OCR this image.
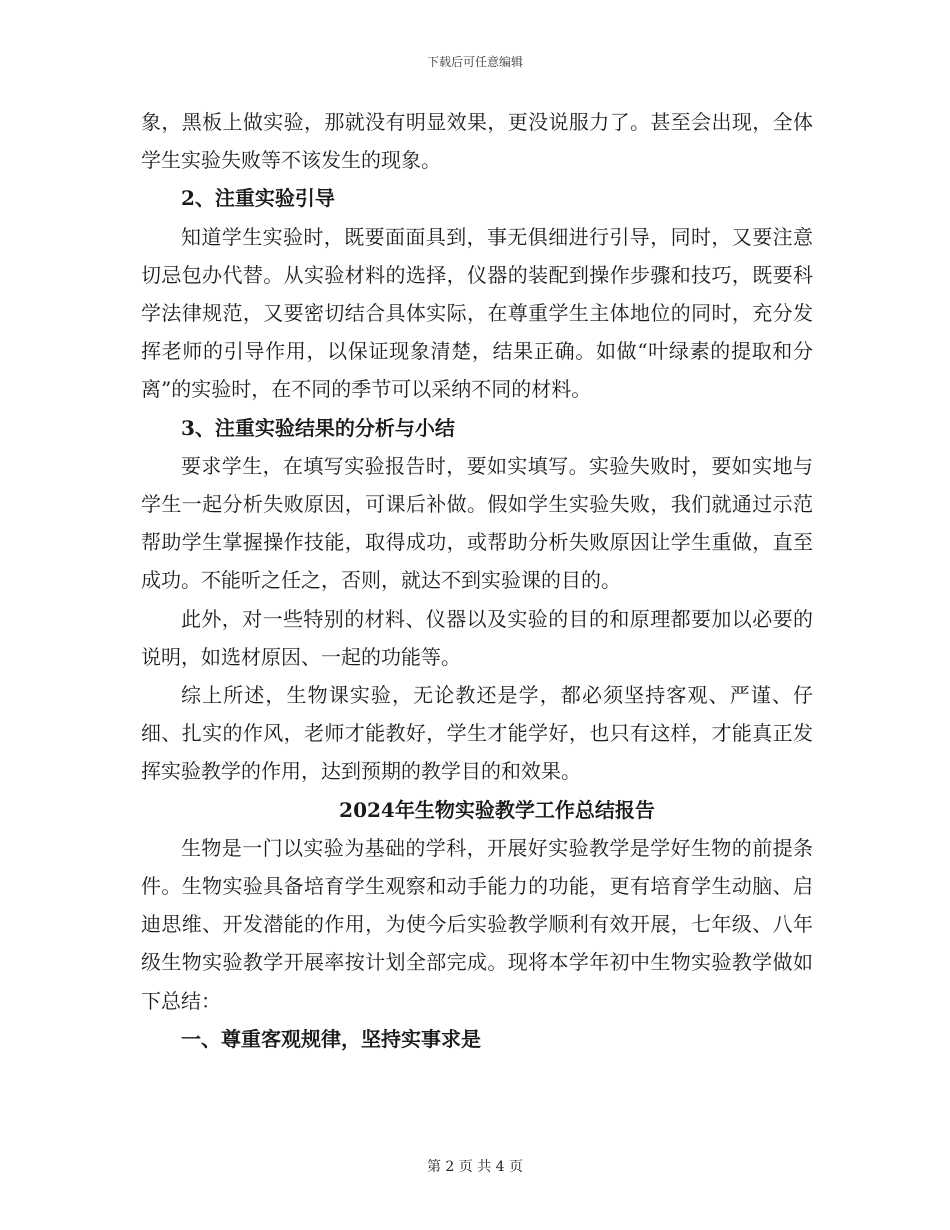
下载后可任意编辑

象，黑板上做实验，那就没有明显效果，更没说服力了。甚至会出现，全体学生实验失败等不该发生的现象。

2、注重实验引导

知道学生实验时，既要面面具到，事无俱细进行引导，同时，又要注意切忌包办代替。从实验材料的选择，仪器的装配到操作步骤和技巧，既要科学法律规范，又要密切结合具体实际，在尊重学生主体地位的同时，充分发挥老师的引导作用，以保证现象清楚，结果正确。如做“叶绿素的提取和分离”的实验时，在不同的季节可以采纳不同的材料。

3、注重实验结果的分析与小结

要求学生，在填写实验报告时，要如实填写。实验失败时，要如实地与学生一起分析失败原因，可课后补做。假如学生实验失败，我们就通过示范帮助学生掌握操作技能，取得成功，或帮助分析失败原因让学生重做，直至成功。不能听之任之，否则，就达不到实验课的目的。

此外，对一些特别的材料、仪器以及实验的目的和原理都要加以必要的说明，如选材原因、一起的功能等。

综上所述，生物课实验，无论教还是学，都必须坚持客观、严谨、仔细、扎实的作风，老师才能教好，学生才能学好，也只有这样，才能真正发挥实验教学的作用，达到预期的教学目的和效果。

2024年生物实验教学工作总结报告

生物是一门以实验为基础的学科，开展好实验教学是学好生物的前提条件。生物实验具备培育学生观察和动手能力的功能，更有培育学生动脑、启迪思维、开发潜能的作用，为使今后实验教学顺利有效开展，七年级、八年级生物实验教学开展率按计划全部完成。现将本学年初中生物实验教学做如下总结：

一、尊重客观规律，坚持实事求是

第 2 页 共 4 页
